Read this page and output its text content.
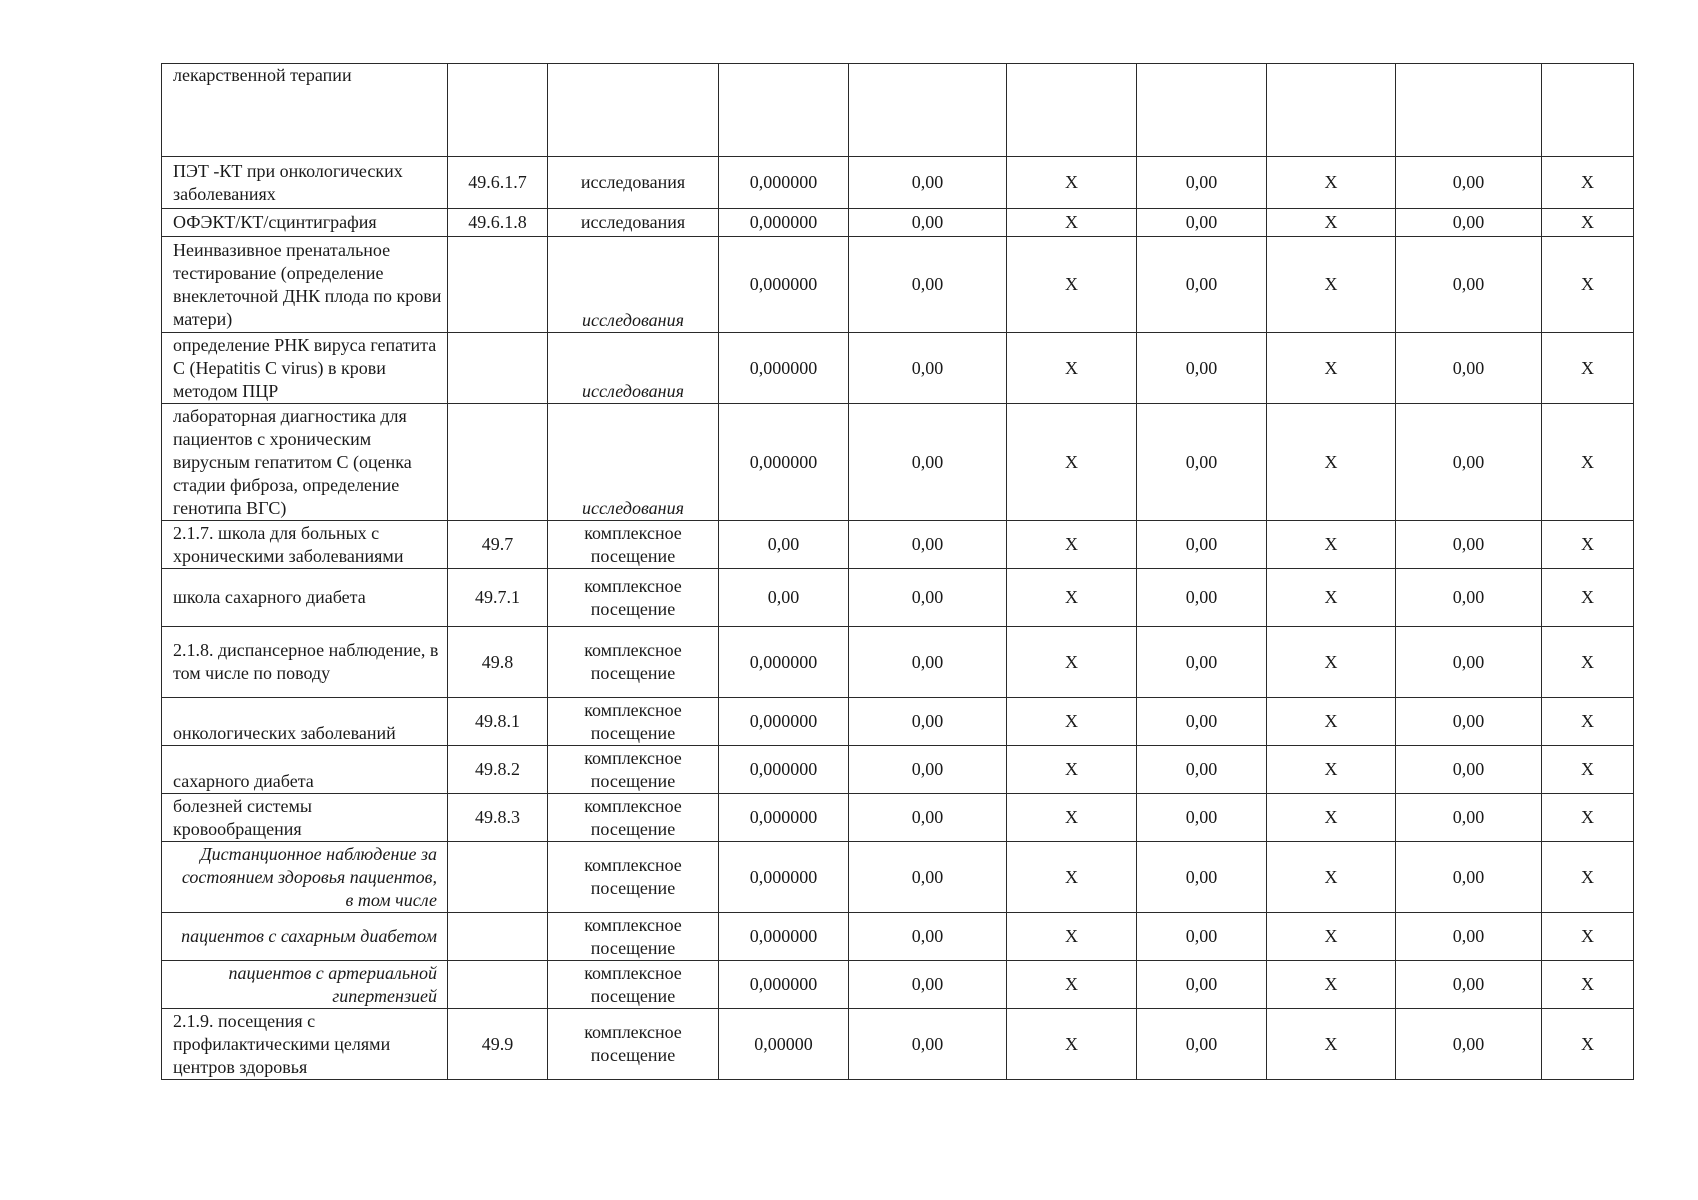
лекарственной терапии									
ПЭТ -КТ при онкологических заболеваниях	49.6.1.7	исследования	0,000000	0,00	Х	0,00	Х	0,00	Х
ОФЭКТ/КТ/сцинтиграфия	49.6.1.8	исследования	0,000000	0,00	Х	0,00	Х	0,00	Х
Неинвазивное пренатальное тестирование (определение внеклеточной ДНК плода по крови матери)		исследования	0,000000	0,00	Х	0,00	Х	0,00	Х
определение РНК вируса гепатита С (Hepatitis C virus) в крови методом ПЦР		исследования	0,000000	0,00	Х	0,00	Х	0,00	Х
лабораторная диагностика для пациентов с хроническим вирусным гепатитом С (оценка стадии фиброза, определение генотипа ВГС)		исследования	0,000000	0,00	Х	0,00	Х	0,00	Х
2.1.7. школа для больных с хроническими заболеваниями	49.7	комплексное посещение	0,00	0,00	Х	0,00	Х	0,00	Х
школа сахарного диабета	49.7.1	комплексное посещение	0,00	0,00	Х	0,00	Х	0,00	Х
2.1.8. диспансерное наблюдение, в том числе по поводу	49.8	комплексное посещение	0,000000	0,00	Х	0,00	Х	0,00	Х
онкологических заболеваний	49.8.1	комплексное посещение	0,000000	0,00	Х	0,00	Х	0,00	Х
сахарного диабета	49.8.2	комплексное посещение	0,000000	0,00	Х	0,00	Х	0,00	Х
болезней системы кровообращения	49.8.3	комплексное посещение	0,000000	0,00	Х	0,00	Х	0,00	Х
Дистанционное наблюдение за состоянием здоровья пациентов, в том числе		комплексное посещение	0,000000	0,00	Х	0,00	Х	0,00	Х
пациентов с сахарным диабетом		комплексное посещение	0,000000	0,00	Х	0,00	Х	0,00	Х
пациентов с артериальной гипертензией		комплексное посещение	0,000000	0,00	Х	0,00	Х	0,00	Х
2.1.9. посещения с профилактическими целями центров здоровья	49.9	комплексное посещение	0,00000	0,00	Х	0,00	Х	0,00	Х
